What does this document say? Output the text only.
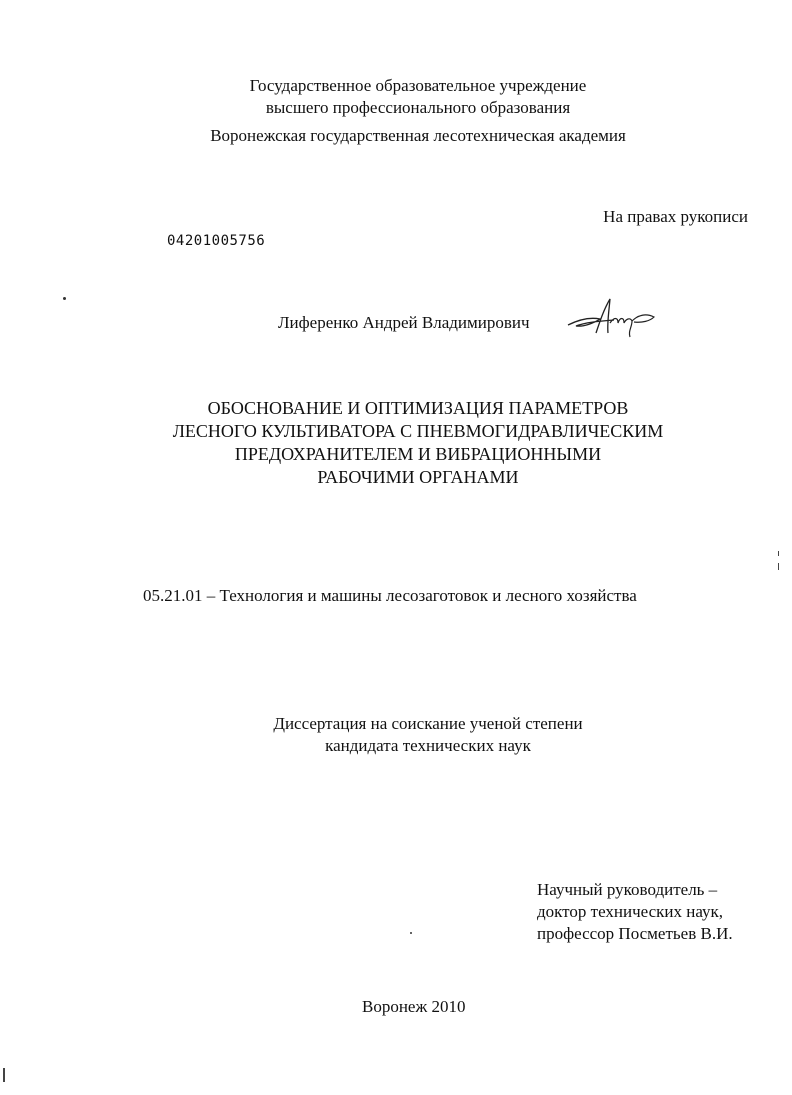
Государственное образовательное учреждение
высшего профессионального образования
Воронежская государственная лесотехническая академия
На правах рукописи
04201005756
Лиференко Андрей Владимирович
ОБОСНОВАНИЕ И ОПТИМИЗАЦИЯ ПАРАМЕТРОВ
ЛЕСНОГО КУЛЬТИВАТОРА С ПНЕВМОГИДРАВЛИЧЕСКИМ
ПРЕДОХРАНИТЕЛЕМ И ВИБРАЦИОННЫМИ
РАБОЧИМИ ОРГАНАМИ
05.21.01 – Технология и машины лесозаготовок и лесного хозяйства
Диссертация на соискание ученой степени
кандидата технических наук
Научный руководитель –
доктор технических наук,
профессор Посметьев В.И.
Воронеж 2010
